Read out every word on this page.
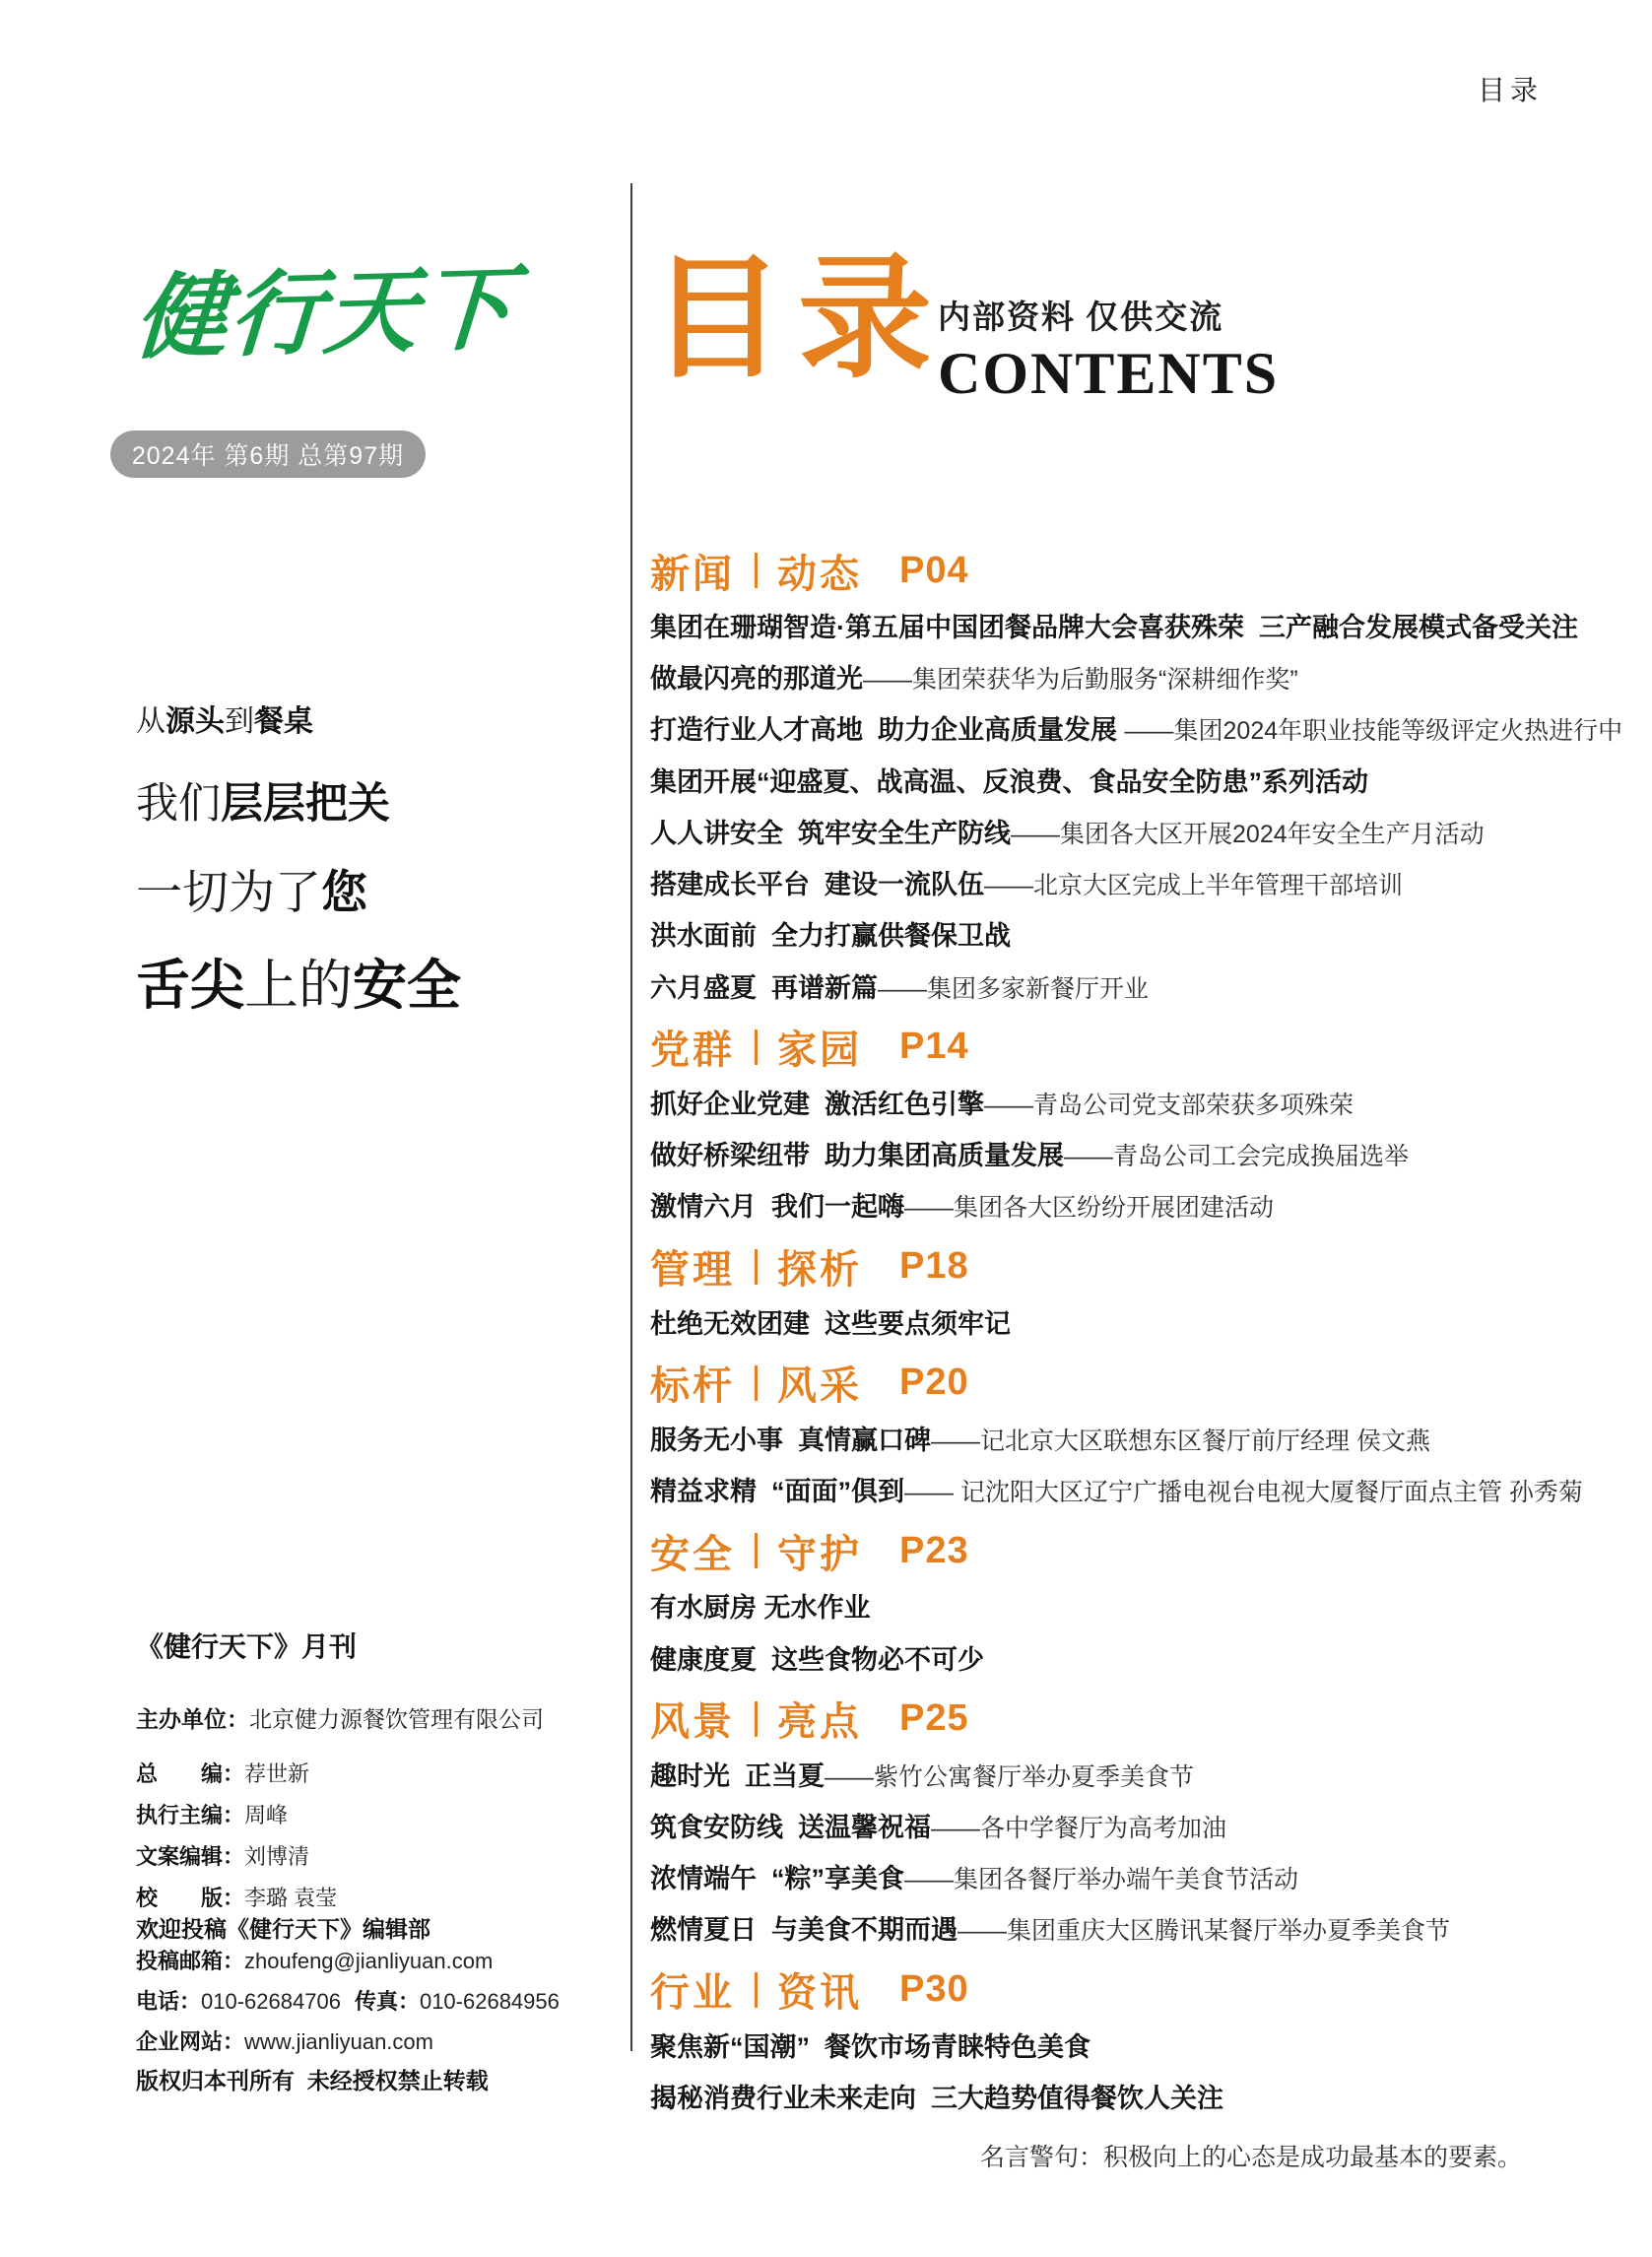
目录
健行天下
2024年 第6期 总第97期
从源头到餐桌
我们层层把关
一切为了您
舌尖上的安全
《健行天下》月刊
主办单位：北京健力源餐饮管理有限公司
总　　编：荐世新
执行主编：周峰
文案编辑：刘博清
校　　版：李璐 袁莹
欢迎投稿《健行天下》编辑部
投稿邮箱：zhoufeng@jianliyuan.com
电话：010-62684706 传真：010-62684956
企业网站：www.jianliyuan.com
版权归本刊所有  未经授权禁止转载
目录
内部资料 仅供交流
CONTENTS
新闻 动态 P04
集团在珊瑚智造·第五届中国团餐品牌大会喜获殊荣  三产融合发展模式备受关注
做最闪亮的那道光——集团荣获华为后勤服务“深耕细作奖”
打造行业人才高地  助力企业高质量发展 ——集团2024年职业技能等级评定火热进行中
集团开展“迎盛夏、战高温、反浪费、食品安全防患”系列活动
人人讲安全  筑牢安全生产防线——集团各大区开展2024年安全生产月活动
搭建成长平台  建设一流队伍——北京大区完成上半年管理干部培训
洪水面前  全力打赢供餐保卫战
六月盛夏  再谱新篇——集团多家新餐厅开业
党群 家园 P14
抓好企业党建  激活红色引擎——青岛公司党支部荣获多项殊荣
做好桥梁纽带  助力集团高质量发展——青岛公司工会完成换届选举
激情六月  我们一起嗨——集团各大区纷纷开展团建活动
管理 探析 P18
杜绝无效团建  这些要点须牢记
标杆 风采 P20
服务无小事  真情赢口碑——记北京大区联想东区餐厅前厅经理 侯文燕
精益求精  “面面”俱到—— 记沈阳大区辽宁广播电视台电视大厦餐厅面点主管 孙秀菊
安全 守护 P23
有水厨房 无水作业
健康度夏  这些食物必不可少
风景 亮点 P25
趣时光  正当夏——紫竹公寓餐厅举办夏季美食节
筑食安防线  送温馨祝福——各中学餐厅为高考加油
浓情端午  “粽”享美食——集团各餐厅举办端午美食节活动
燃情夏日  与美食不期而遇——集团重庆大区腾讯某餐厅举办夏季美食节
行业 资讯 P30
聚焦新“国潮”  餐饮市场青睐特色美食
揭秘消费行业未来走向  三大趋势值得餐饮人关注
名言警句：积极向上的心态是成功最基本的要素。
